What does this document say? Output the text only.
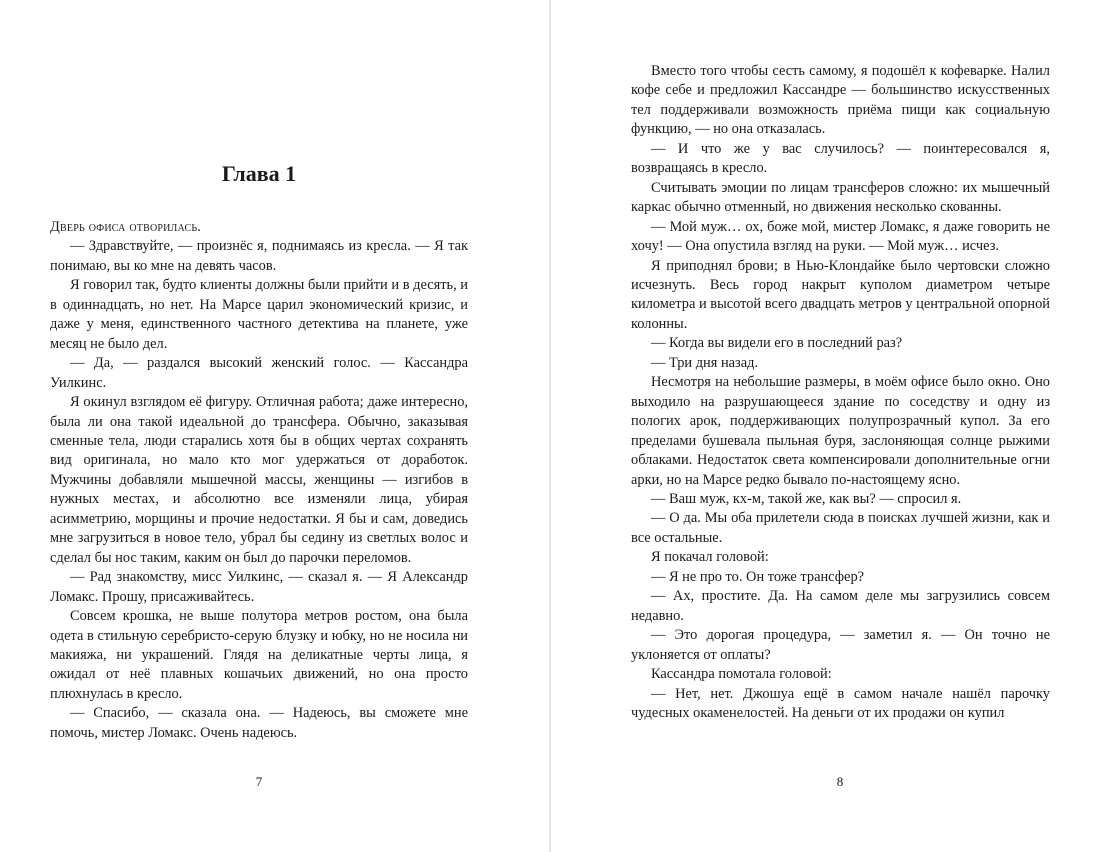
Глава 1

Дверь офиса отворилась.

— Здравствуйте, — произнёс я, поднимаясь из кресла. — Я так понимаю, вы ко мне на девять часов.

Я говорил так, будто клиенты должны были прийти и в десять, и в одиннадцать, но нет. На Марсе царил экономический кризис, и даже у меня, единственного частного детектива на планете, уже месяц не было дел.

— Да, — раздался высокий женский голос. — Кассандра Уилкинс.

Я окинул взглядом её фигуру. Отличная работа; даже интересно, была ли она такой идеальной до трансфера. Обычно, заказывая сменные тела, люди старались хотя бы в общих чертах сохранять вид оригинала, но мало кто мог удержаться от доработок. Мужчины добавляли мышечной массы, женщины — изгибов в нужных местах, и абсолютно все изменяли лица, убирая асимметрию, морщины и прочие недостатки. Я бы и сам, доведись мне загрузиться в новое тело, убрал бы седину из светлых волос и сделал бы нос таким, каким он был до парочки переломов.

— Рад знакомству, мисс Уилкинс, — сказал я. — Я Александр Ломакс. Прошу, присаживайтесь.

Совсем крошка, не выше полутора метров ростом, она была одета в стильную серебристо-серую блузку и юбку, но не носила ни макияжа, ни украшений. Глядя на деликатные черты лица, я ожидал от неё плавных кошачьих движений, но она просто плюхнулась в кресло.

— Спасибо, — сказала она. — Надеюсь, вы сможете мне помочь, мистер Ломакс. Очень надеюсь.

7

Вместо того чтобы сесть самому, я подошёл к кофеварке. Налил кофе себе и предложил Кассандре — большинство искусственных тел поддерживали возможность приёма пищи как социальную функцию, — но она отказалась.

— И что же у вас случилось? — поинтересовался я, возвращаясь в кресло.

Считывать эмоции по лицам трансферов сложно: их мышечный каркас обычно отменный, но движения несколько скованны.

— Мой муж… ох, боже мой, мистер Ломакс, я даже говорить не хочу! — Она опустила взгляд на руки. — Мой муж… исчез.

Я приподнял брови; в Нью-Клондайке было чертовски сложно исчезнуть. Весь город накрыт куполом диаметром четыре километра и высотой всего двадцать метров у центральной опорной колонны.

— Когда вы видели его в последний раз?

— Три дня назад.

Несмотря на небольшие размеры, в моём офисе было окно. Оно выходило на разрушающееся здание по соседству и одну из пологих арок, поддерживающих полупрозрачный купол. За его пределами бушевала пыльная буря, заслоняющая солнце рыжими облаками. Недостаток света компенсировали дополнительные огни арки, но на Марсе редко бывало по-настоящему ясно.

— Ваш муж, кх-м, такой же, как вы? — спросил я.

— О да. Мы оба прилетели сюда в поисках лучшей жизни, как и все остальные.

Я покачал головой:

— Я не про то. Он тоже трансфер?

— Ах, простите. Да. На самом деле мы загрузились совсем недавно.

— Это дорогая процедура, — заметил я. — Он точно не уклоняется от оплаты?

Кассандра помотала головой:

— Нет, нет. Джошуа ещё в самом начале нашёл парочку чудесных окаменелостей. На деньги от их продажи он купил

8
